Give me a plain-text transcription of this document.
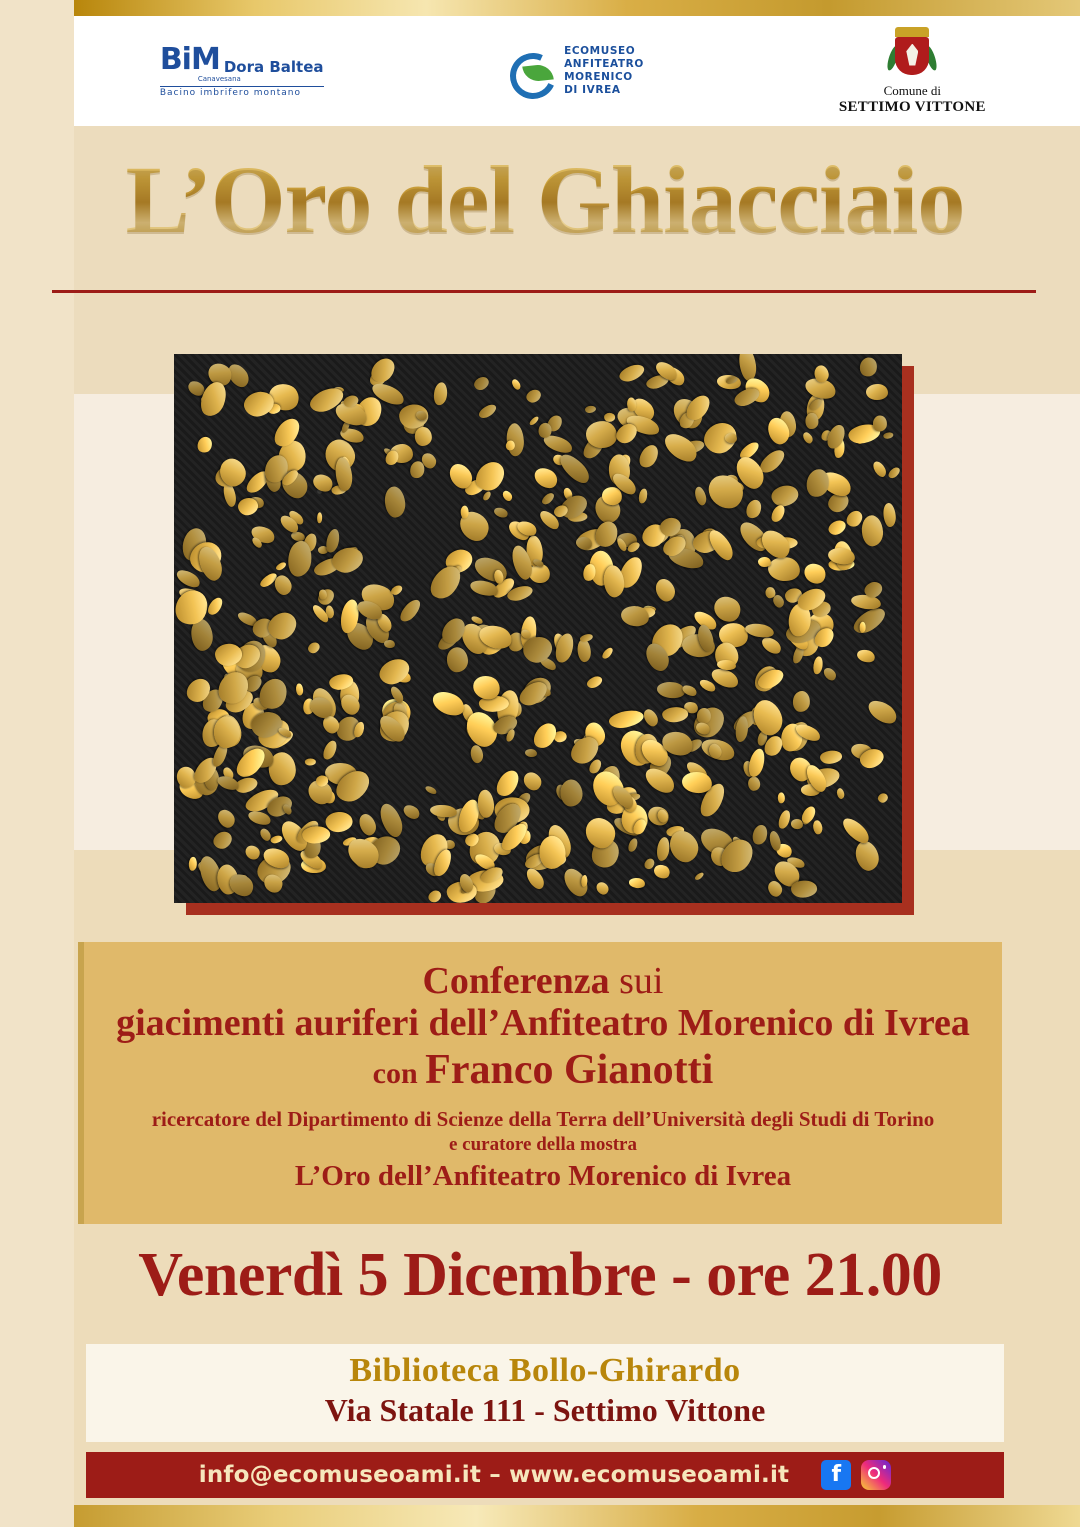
BiM Dora Baltea
Canavesana
Bacino imbrifero montano
ECOMUSEO
ANFITEATRO
MORENICO
DI IVREA	Comune di
SETTIMO VITTONE
L’Oro del Ghiacciaio
Conferenza sui
giacimenti auriferi dell’Anfiteatro Morenico di Ivrea
con Franco Gianotti
ricercatore del Dipartimento di Scienze della Terra dell’Università degli Studi di Torino
e curatore della mostra
L’Oro dell’Anfiteatro Morenico di Ivrea
Venerdì 5 Dicembre - ore 21.00
Biblioteca Bollo-Ghirardo
Via Statale 111 - Settimo Vittone
info@ecomuseoami.it – www.ecomuseoami.it	f
